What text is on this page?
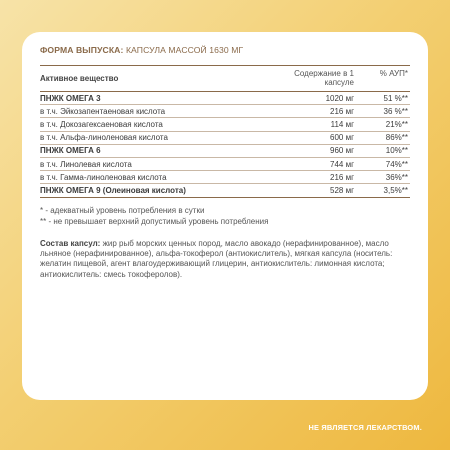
ФОРМА ВЫПУСКА: КАПСУЛА МАССОЙ 1630 МГ
Активное вещество	Содержание в 1 капсуле	% АУП*
ПНЖК ОМЕГА 3	1020 мг	51 %**
в т.ч. Эйкозапентаеновая кислота	216 мг	36 %**
в т.ч. Докозагексаеновая кислота	114 мг	21%**
в т.ч. Альфа-линоленовая кислота	600 мг	86%**
ПНЖК ОМЕГА 6	960 мг	10%**
в т.ч. Линолевая кислота	744 мг	74%**
в т.ч. Гамма-линоленовая кислота	216 мг	36%**
ПНЖК ОМЕГА 9 (Олеиновая кислота)	528 мг	3,5%**
* - адекватный уровень потребления в сутки
** - не превышает верхний допустимый уровень потребления
Состав капсул: жир рыб морских ценных пород, масло авокадо (нерафинированное), масло льняное (нерафинированное), альфа-токоферол (антиокислитель), мягкая капсула (носитель: желатин пищевой, агент влагоудерживающий глицерин, антиокислитель: лимонная кислота; антиокислитель: смесь токоферолов).
НЕ ЯВЛЯЕТСЯ ЛЕКАРСТВОМ.
